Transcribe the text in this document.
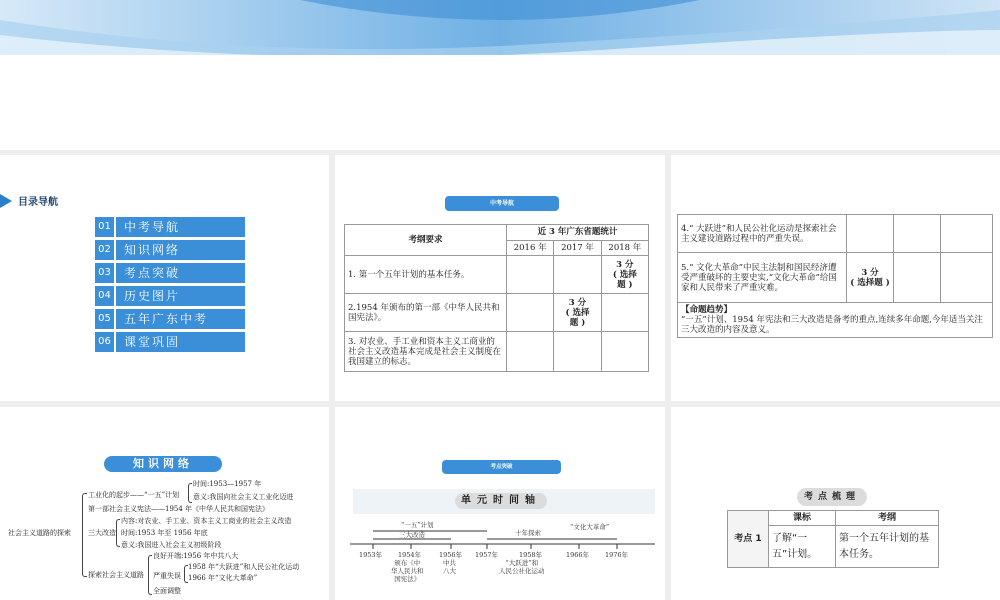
目录导航
01	中考导航
02	知识网络
03	考点突破
04	历史图片
05	五年广东中考
06	课堂巩固
中考导航
考纲要求	近 3 年广东省题统计		
	2016 年	2017 年	2018 年
1. 第一个五年计划的基本任务。			3 分
( 选择
题 )
2.1954 年颁布的第一部《中华人民共和国宪法》。		3 分
( 选择
题 )	
3. 对农业、手工业和资本主义工商业的社会主义改造基本完成是社会主义制度在我国建立的标志。			
4.“ 大跃进”和人民公社化运动是探索社会主义建设道路过程中的严重失误。			
5.“ 文化大革命”中民主法制和国民经济遭受严重破坏的主要史实,“文化大革命”给国家和人民带来了严重灾难。	3 分
( 选择题 )		

【命题趋势】
“一五”计划、1954 年宪法和三大改造是备考的重点,连续多年命题,今年适当关注三大改造的内容及意义。			
知识网络
社会主义道路的探索
工业化的起步——“一五”计划
时间:1953—1957 年
意义:我国向社会主义工业化迈进
第一部社会主义宪法——1954 年《中华人民共和国宪法》
三大改造
内容:对农业、手工业、资本主义工商业的社会主义改造
时间:1953 年至 1956 年底
意义:我国进入社会主义初级阶段
探索社会主义道路
良好开端:1956 年中共八大
严重失误
1958 年“大跃进”和人民公社化运动
1966 年“文化大革命”
全面调整
考点突破
单元时间轴
“一五”计划
三大改造	十年探索
“文化大革命”
1953年 1954年
颁布《中
华人民共和
国宪法》
1956年
中共
八大
1957年	1958年
“大跃进”和
人民公社化运动
1966年 1976年
考点梳理
考点 1	课标	考纲
	了解“一五”计划。	第一个五年计划的基本任务。
